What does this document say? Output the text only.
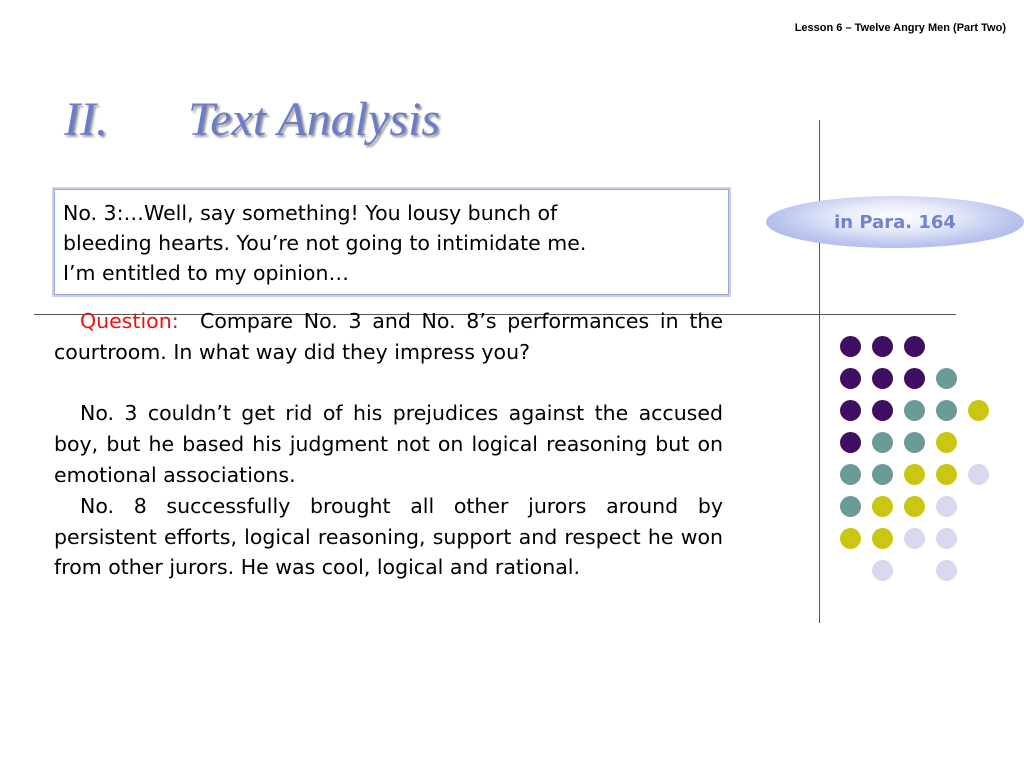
Lesson 6 – Twelve Angry Men (Part Two)
II. Text Analysis

No. 3:…Well, say something! You lousy bunch of

bleeding hearts. You’re not going to intimidate me.

I’m entitled to my opinion…

in Para. 164

Question: Compare No. 3 and No. 8’s performances in the courtroom. In what way did they impress you?

No. 3 couldn’t get rid of his prejudices against the accused boy, but he based his judgment not on logical reasoning but on emotional associations.

No. 8 successfully brought all other jurors around by persistent efforts, logical reasoning, support and respect he won from other jurors. He was cool, logical and rational.
